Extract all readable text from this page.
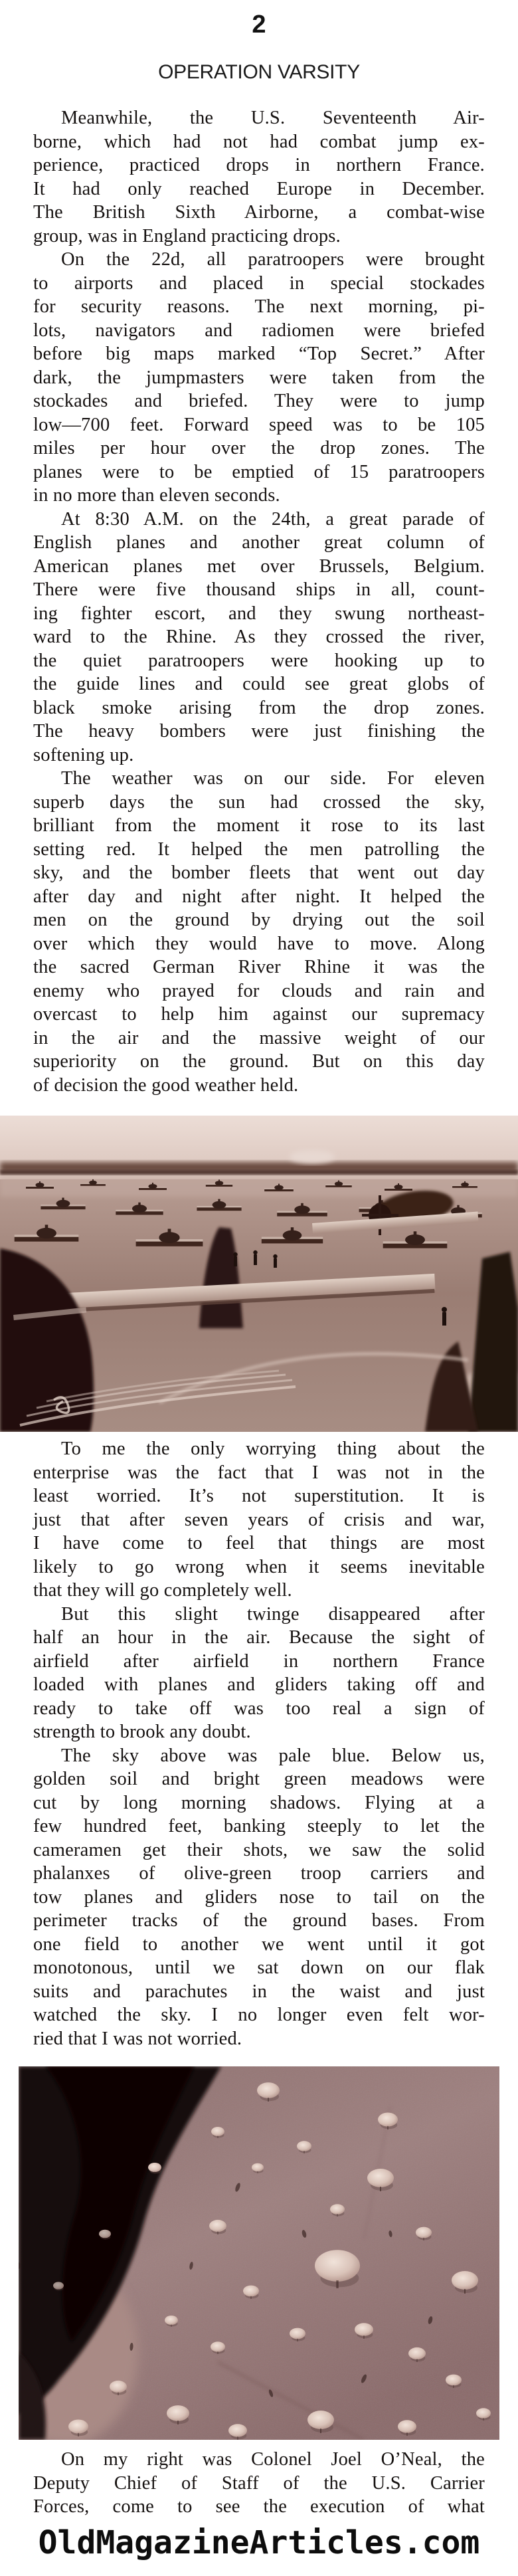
2
OPERATION VARSITY
Meanwhile, the U.S. Seventeenth Air-
borne, which had not had combat jump ex-
perience, practiced drops in northern France.
It had only reached Europe in December.
The British Sixth Airborne, a combat-wise
group, was in England practicing drops.
On the 22d, all paratroopers were brought
to airports and placed in special stockades
for security reasons. The next morning, pi-
lots, navigators and radiomen were briefed
before big maps marked “Top Secret.” After
dark, the jumpmasters were taken from the
stockades and briefed. They were to jump
low—700 feet. Forward speed was to be 105
miles per hour over the drop zones. The
planes were to be emptied of 15 paratroopers
in no more than eleven seconds.
At 8:30 A.M. on the 24th, a great parade of
English planes and another great column of
American planes met over Brussels, Belgium.
There were five thousand ships in all, count-
ing fighter escort, and they swung northeast-
ward to the Rhine. As they crossed the river,
the quiet paratroopers were hooking up to
the guide lines and could see great globs of
black smoke arising from the drop zones.
The heavy bombers were just finishing the
softening up.
The weather was on our side. For eleven
superb days the sun had crossed the sky,
brilliant from the moment it rose to its last
setting red. It helped the men patrolling the
sky, and the bomber fleets that went out day
after day and night after night. It helped the
men on the ground by drying out the soil
over which they would have to move. Along
the sacred German River Rhine it was the
enemy who prayed for clouds and rain and
overcast to help him against our supremacy
in the air and the massive weight of our
superiority on the ground. But on this day
of decision the good weather held.
To me the only worrying thing about the
enterprise was the fact that I was not in the
least worried. It’s not superstitution. It is
just that after seven years of crisis and war,
I have come to feel that things are most
likely to go wrong when it seems inevitable
that they will go completely well.
But this slight twinge disappeared after
half an hour in the air. Because the sight of
airfield after airfield in northern France
loaded with planes and gliders taking off and
ready to take off was too real a sign of
strength to brook any doubt.
The sky above was pale blue. Below us,
golden soil and bright green meadows were
cut by long morning shadows. Flying at a
few hundred feet, banking steeply to let the
cameramen get their shots, we saw the solid
phalanxes of olive-green troop carriers and
tow planes and gliders nose to tail on the
perimeter tracks of the ground bases. From
one field to another we went until it got
monotonous, until we sat down on our flak
suits and parachutes in the waist and just
watched the sky. I no longer even felt wor-
ried that I was not worried.
On my right was Colonel Joel O’Neal, the
Deputy Chief of Staff of the U.S. Carrier
Forces, come to see the execution of what
OldMagazineArticles.com
